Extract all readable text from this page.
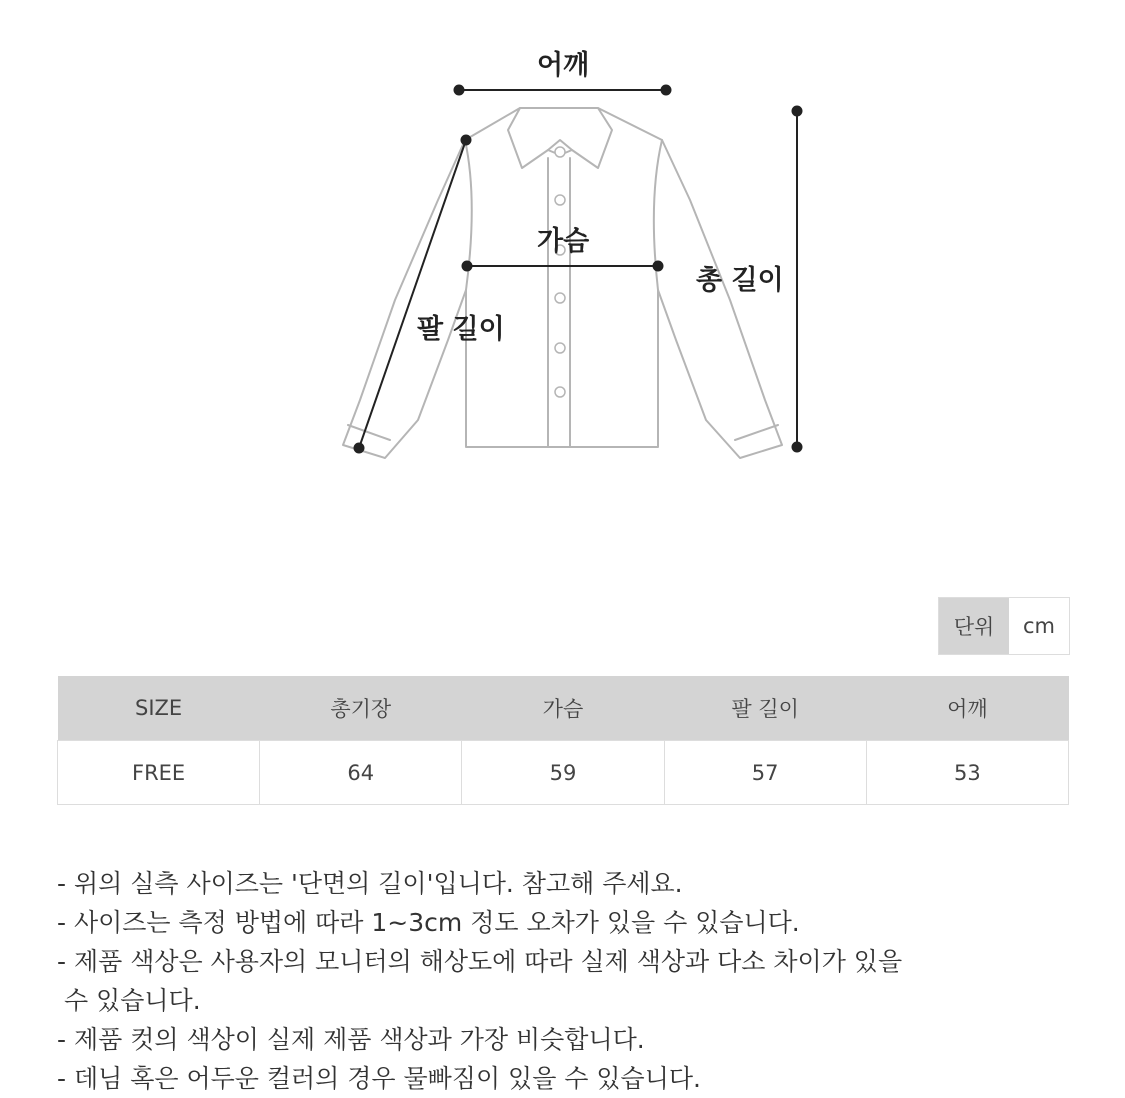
어깨
가슴
총 길이
팔 길이
단위	cm
SIZE	총기장	가슴	팔 길이	어깨
FREE	64	59	57	53
- 위의 실측 사이즈는 '단면의 길이'입니다. 참고해 주세요.
- 사이즈는 측정 방법에 따라 1~3cm 정도 오차가 있을 수 있습니다.
- 제품 색상은 사용자의 모니터의 해상도에 따라 실제 색상과 다소 차이가 있을
수 있습니다.
- 제품 컷의 색상이 실제 제품 색상과 가장 비슷합니다.
- 데님 혹은 어두운 컬러의 경우 물빠짐이 있을 수 있습니다.
